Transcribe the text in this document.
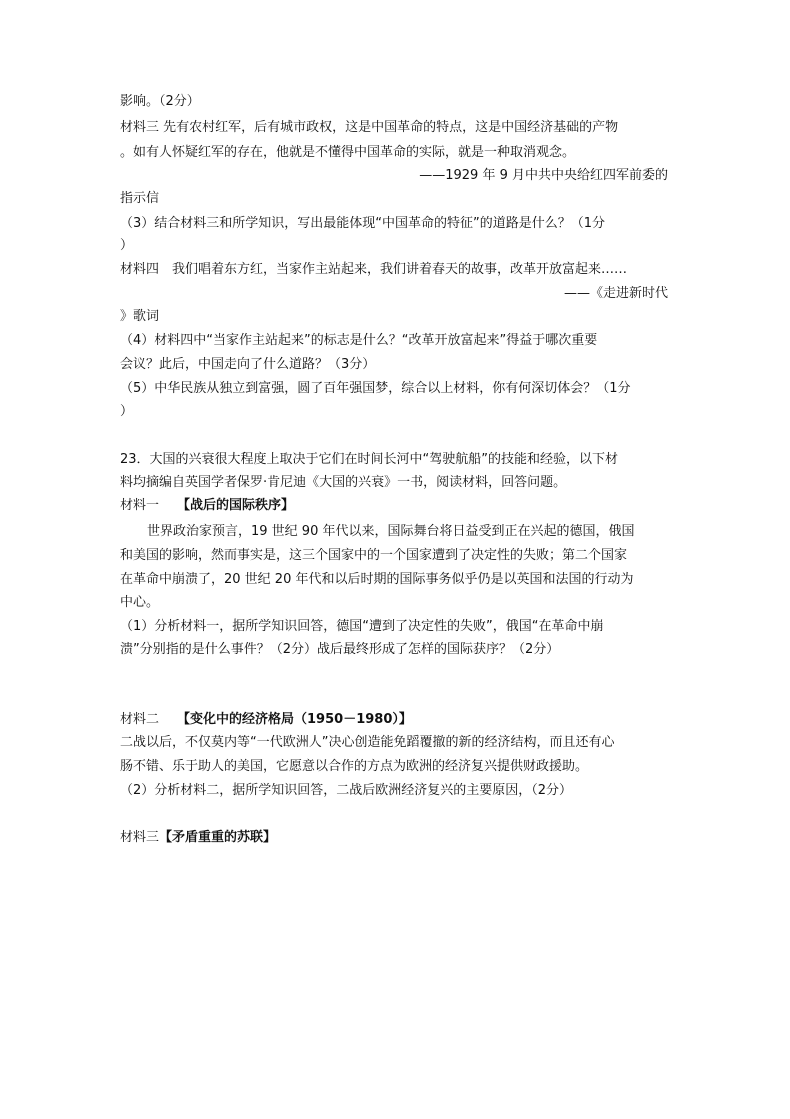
影响。（2分）
材料三 先有农村红军，后有城市政权，这是中国革命的特点，这是中国经济基础的产物
。如有人怀疑红军的存在，他就是不懂得中国革命的实际，就是一种取消观念。
——1929 年 9 月中共中央给红四军前委的
指示信
（3）结合材料三和所学知识，写出最能体现“中国革命的特征”的道路是什么？（1分
）
材料四　我们唱着东方红，当家作主站起来，我们讲着春天的故事，改革开放富起来……
——《走进新时代
》歌词
（4）材料四中“当家作主站起来”的标志是什么？“改革开放富起来”得益于哪次重要
会议？此后，中国走向了什么道路？（3分）
（5）中华民族从独立到富强，圆了百年强国梦，综合以上材料，你有何深切体会？（1分
）
23．大国的兴衰很大程度上取决于它们在时间长河中“驾驶航船”的技能和经验，以下材
料均摘编自英国学者保罗·肯尼迪《大国的兴衰》一书，阅读材料，回答问题。
材料一 【战后的国际秩序】
世界政治家预言，19 世纪 90 年代以来，国际舞台将日益受到正在兴起的德国，俄国
和美国的影响，然而事实是，这三个国家中的一个国家遭到了决定性的失败；第二个国家
在革命中崩溃了，20 世纪 20 年代和以后时期的国际事务似乎仍是以英国和法国的行动为
中心。
（1）分析材料一，据所学知识回答，德国“遭到了决定性的失败”，俄国“在革命中崩
溃”分别指的是什么事件？（2分）战后最终形成了怎样的国际获序？（2分）
材料二 【变化中的经济格局（1950－1980）】
二战以后，不仅莫内等“一代欧洲人”决心创造能免蹈覆撤的新的经济结构，而且还有心
肠不错、乐于助人的美国，它愿意以合作的方点为欧洲的经济复兴提供财政援助。
（2）分析材料二，据所学知识回答，二战后欧洲经济复兴的主要原因，（2分）
材料三【矛盾重重的苏联】
